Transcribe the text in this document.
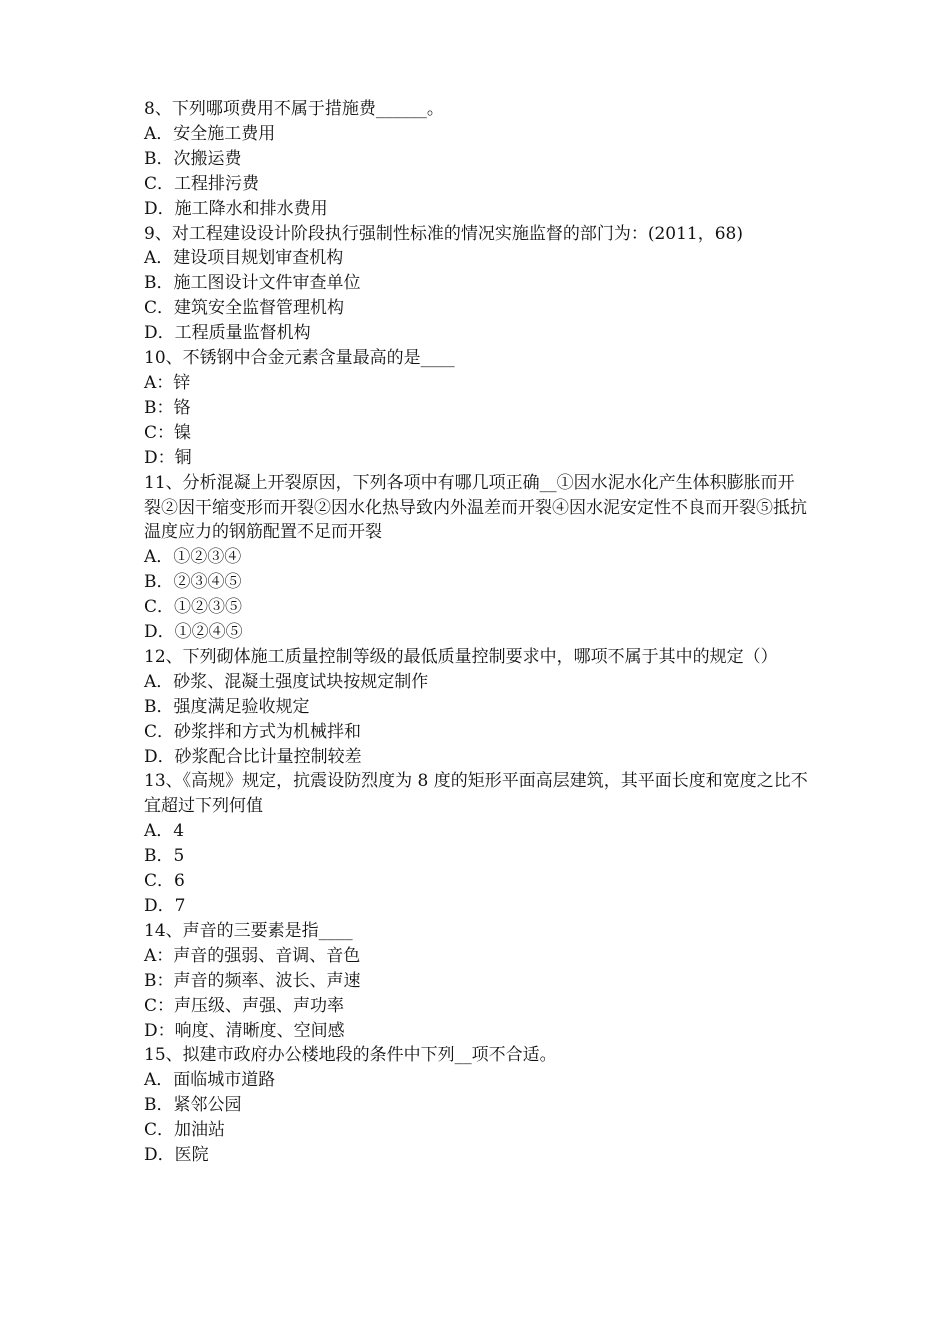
8、下列哪项费用不属于措施费______。

A．安全施工费用

B．次搬运费

C．工程排污费

D．施工降水和排水费用

9、对工程建设设计阶段执行强制性标准的情况实施监督的部门为：(2011，68)

A．建设项目规划审查机构

B．施工图设计文件审查单位

C．建筑安全监督管理机构

D．工程质量监督机构

10、不锈钢中合金元素含量最高的是____

A：锌

B：铬

C：镍

D：铜

11、分析混凝上开裂原因，下列各项中有哪几项正确__①因水泥水化产生体积膨胀而开裂②因干缩变形而开裂②因水化热导致内外温差而开裂④因水泥安定性不良而开裂⑤抵抗温度应力的钢筋配置不足而开裂

A．①②③④

B．②③④⑤

C．①②③⑤

D．①②④⑤

12、下列砌体施工质量控制等级的最低质量控制要求中，哪项不属于其中的规定（）

A．砂浆、混凝土强度试块按规定制作

B．强度满足验收规定

C．砂浆拌和方式为机械拌和

D．砂浆配合比计量控制较差

13、《高规》规定，抗震设防烈度为 8 度的矩形平面高层建筑，其平面长度和宽度之比不宜超过下列何值

A．4

B．5

C．6

D．7

14、声音的三要素是指____

A：声音的强弱、音调、音色

B：声音的频率、波长、声速

C：声压级、声强、声功率

D：响度、清晰度、空间感

15、拟建市政府办公楼地段的条件中下列__项不合适。

A．面临城市道路

B．紧邻公园

C．加油站

D．医院
